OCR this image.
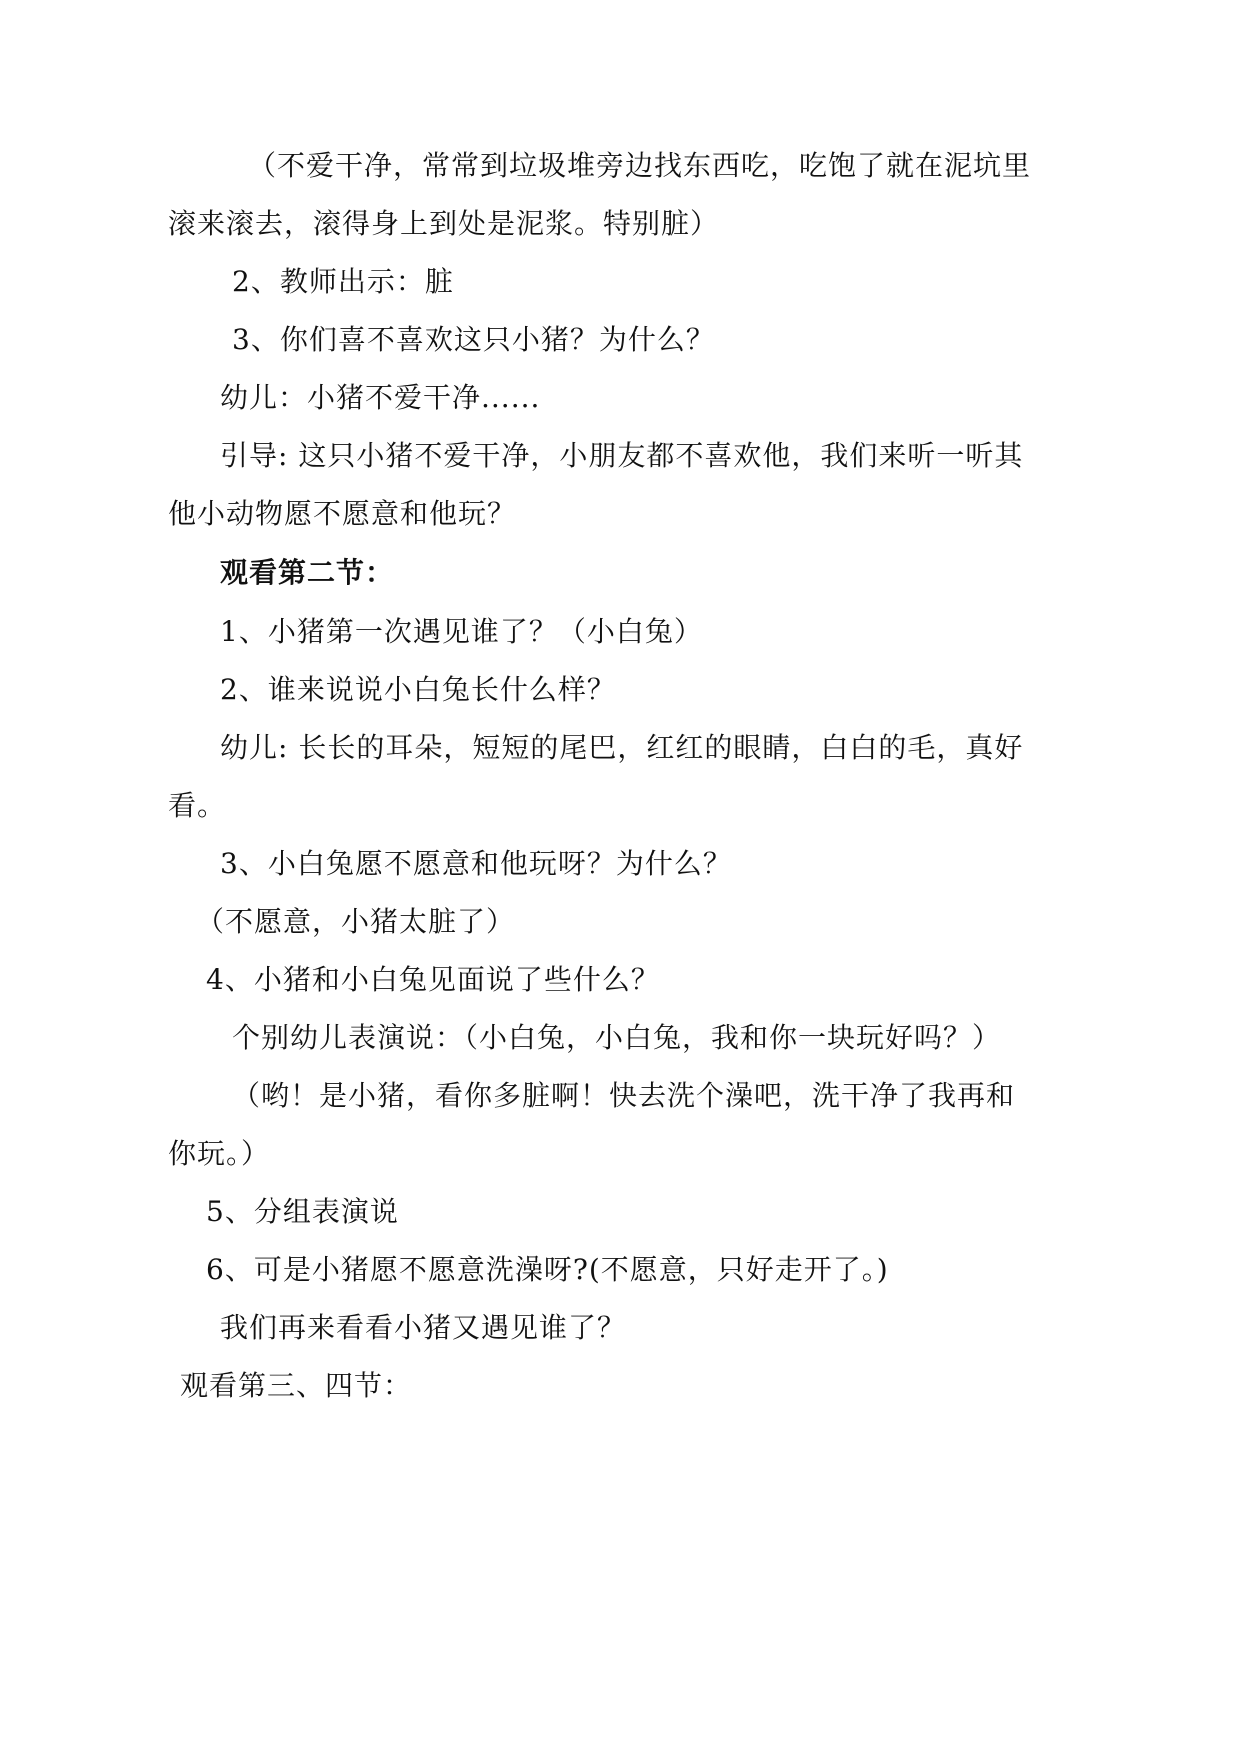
（不爱干净，常常到垃圾堆旁边找东西吃，吃饱了就在泥坑里
滚来滚去，滚得身上到处是泥浆。特别脏）
2、教师出示：脏
3、你们喜不喜欢这只小猪？为什么？
幼儿：小猪不爱干净......
引导: 这只小猪不爱干净，小朋友都不喜欢他，我们来听一听其
他小动物愿不愿意和他玩？
观看第二节：
1、小猪第一次遇见谁了？（小白兔）
2、谁来说说小白兔长什么样？
幼儿: 长长的耳朵，短短的尾巴，红红的眼睛，白白的毛，真好
看。
3、小白兔愿不愿意和他玩呀？为什么？
（不愿意，小猪太脏了）
4、小猪和小白兔见面说了些什么？
个别幼儿表演说：（小白兔，小白兔，我和你一块玩好吗？）
（哟！是小猪，看你多脏啊！快去洗个澡吧，洗干净了我再和
你玩。）
5、分组表演说
6、可是小猪愿不愿意洗澡呀?(不愿意，只好走开了。)
我们再来看看小猪又遇见谁了？
观看第三、四节：
